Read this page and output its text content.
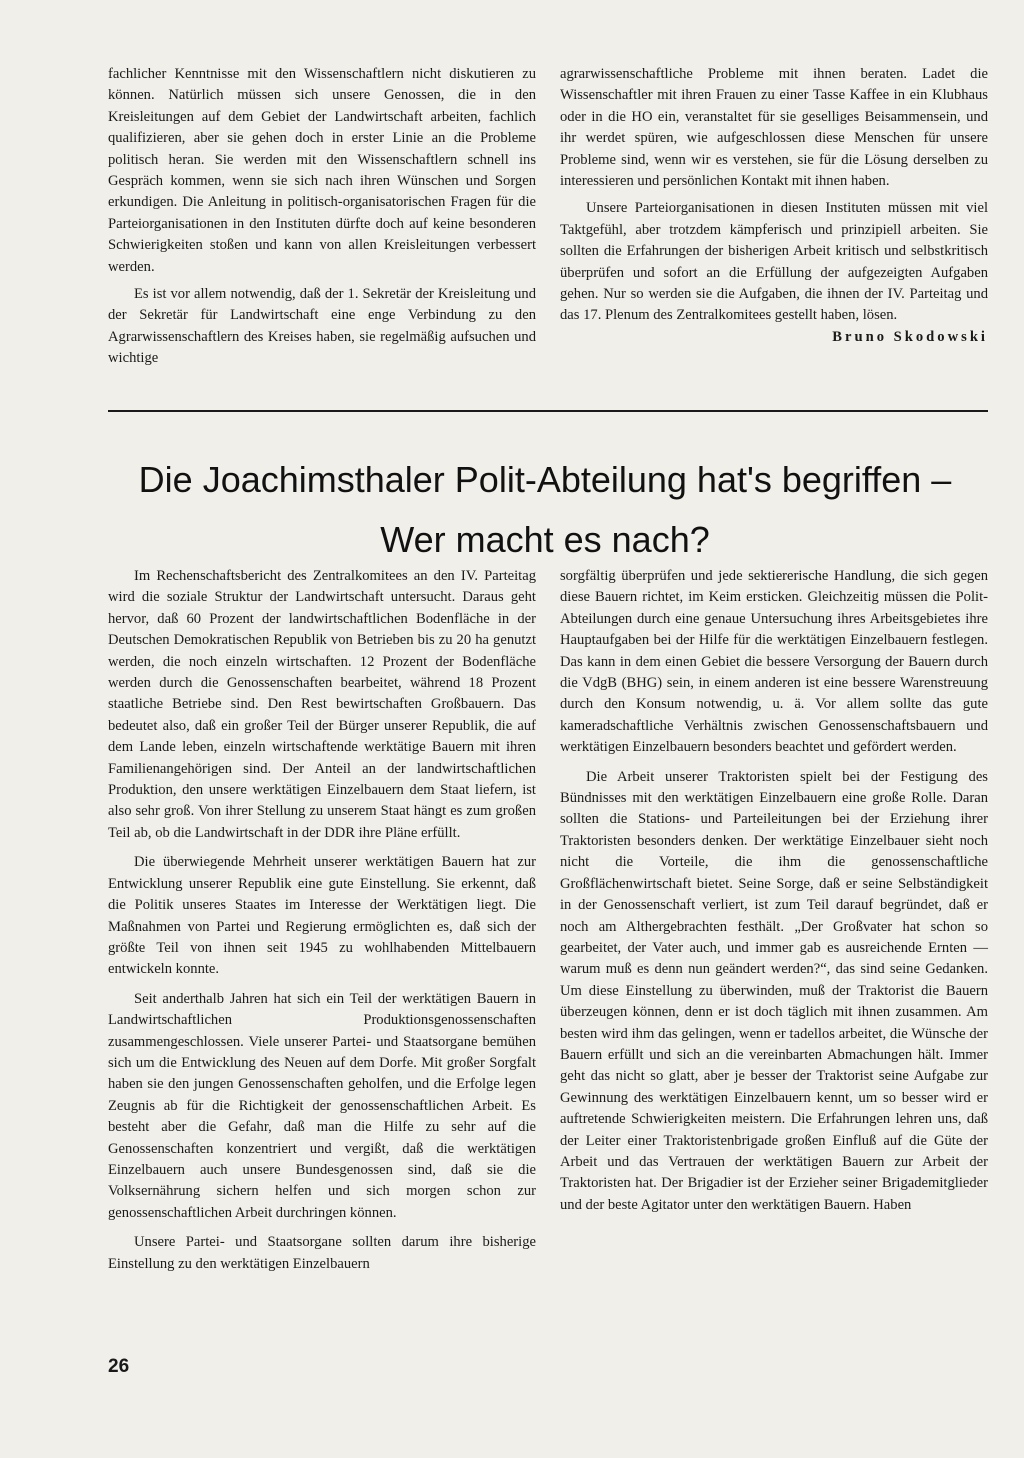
fachlicher Kenntnisse mit den Wissenschaftlern nicht diskutieren zu können. Natürlich müssen sich unsere Genossen, die in den Kreisleitungen auf dem Gebiet der Landwirtschaft arbeiten, fachlich qualifizieren, aber sie gehen doch in erster Linie an die Probleme politisch heran. Sie werden mit den Wissenschaftlern schnell ins Gespräch kommen, wenn sie sich nach ihren Wünschen und Sorgen erkundigen. Die Anleitung in politisch-organisatorischen Fragen für die Parteiorganisationen in den Instituten dürfte doch auf keine besonderen Schwierigkeiten stoßen und kann von allen Kreisleitungen verbessert werden.

Es ist vor allem notwendig, daß der 1. Sekretär der Kreisleitung und der Sekretär für Landwirtschaft eine enge Verbindung zu den Agrarwissenschaftlern des Kreises haben, sie regelmäßig aufsuchen und wichtige

agrarwissenschaftliche Probleme mit ihnen beraten. Ladet die Wissenschaftler mit ihren Frauen zu einer Tasse Kaffee in ein Klubhaus oder in die HO ein, veranstaltet für sie geselliges Beisammensein, und ihr werdet spüren, wie aufgeschlossen diese Menschen für unsere Probleme sind, wenn wir es verstehen, sie für die Lösung derselben zu interessieren und persönlichen Kontakt mit ihnen haben.

Unsere Parteiorganisationen in diesen Instituten müssen mit viel Taktgefühl, aber trotzdem kämpferisch und prinzipiell arbeiten. Sie sollten die Erfahrungen der bisherigen Arbeit kritisch und selbstkritisch überprüfen und sofort an die Erfüllung der aufgezeigten Aufgaben gehen. Nur so werden sie die Aufgaben, die ihnen der IV. Parteitag und das 17. Plenum des Zentralkomitees gestellt haben, lösen.

Bruno Skodowski
Die Joachimsthaler Polit-Abteilung hat's begriffen –
Wer macht es nach?

Im Rechenschaftsbericht des Zentralkomitees an den IV. Parteitag wird die soziale Struktur der Landwirtschaft untersucht. Daraus geht hervor, daß 60 Prozent der landwirtschaftlichen Bodenfläche in der Deutschen Demokratischen Republik von Betrieben bis zu 20 ha genutzt werden, die noch einzeln wirtschaften. 12 Prozent der Bodenfläche werden durch die Genossenschaften bearbeitet, während 18 Prozent staatliche Betriebe sind. Den Rest bewirtschaften Großbauern. Das bedeutet also, daß ein großer Teil der Bürger unserer Republik, die auf dem Lande leben, einzeln wirtschaftende werktätige Bauern mit ihren Familienangehörigen sind. Der Anteil an der landwirtschaftlichen Produktion, den unsere werktätigen Einzelbauern dem Staat liefern, ist also sehr groß. Von ihrer Stellung zu unserem Staat hängt es zum großen Teil ab, ob die Landwirtschaft in der DDR ihre Pläne erfüllt.

Die überwiegende Mehrheit unserer werktätigen Bauern hat zur Entwicklung unserer Republik eine gute Einstellung. Sie erkennt, daß die Politik unseres Staates im Interesse der Werktätigen liegt. Die Maßnahmen von Partei und Regierung ermöglichten es, daß sich der größte Teil von ihnen seit 1945 zu wohlhabenden Mittelbauern entwickeln konnte.

Seit anderthalb Jahren hat sich ein Teil der werktätigen Bauern in Landwirtschaftlichen Produktionsgenossenschaften zusammengeschlossen. Viele unserer Partei- und Staatsorgane bemühen sich um die Entwicklung des Neuen auf dem Dorfe. Mit großer Sorgfalt haben sie den jungen Genossenschaften geholfen, und die Erfolge legen Zeugnis ab für die Richtigkeit der genossenschaftlichen Arbeit. Es besteht aber die Gefahr, daß man die Hilfe zu sehr auf die Genossenschaften konzentriert und vergißt, daß die werktätigen Einzelbauern auch unsere Bundesgenossen sind, daß sie die Volksernährung sichern helfen und sich morgen schon zur genossenschaftlichen Arbeit durchringen können.

Unsere Partei- und Staatsorgane sollten darum ihre bisherige Einstellung zu den werktätigen Einzelbauern

sorgfältig überprüfen und jede sektiererische Handlung, die sich gegen diese Bauern richtet, im Keim ersticken. Gleichzeitig müssen die Polit-Abteilungen durch eine genaue Untersuchung ihres Arbeitsgebietes ihre Hauptaufgaben bei der Hilfe für die werktätigen Einzelbauern festlegen. Das kann in dem einen Gebiet die bessere Versorgung der Bauern durch die VdgB (BHG) sein, in einem anderen ist eine bessere Warenstreuung durch den Konsum notwendig, u. ä. Vor allem sollte das gute kameradschaftliche Verhältnis zwischen Genossenschaftsbauern und werktätigen Einzelbauern besonders beachtet und gefördert werden.

Die Arbeit unserer Traktoristen spielt bei der Festigung des Bündnisses mit den werktätigen Einzelbauern eine große Rolle. Daran sollten die Stations- und Parteileitungen bei der Erziehung ihrer Traktoristen besonders denken. Der werktätige Einzelbauer sieht noch nicht die Vorteile, die ihm die genossenschaftliche Großflächenwirtschaft bietet. Seine Sorge, daß er seine Selbständigkeit in der Genossenschaft verliert, ist zum Teil darauf begründet, daß er noch am Althergebrachten festhält. „Der Großvater hat schon so gearbeitet, der Vater auch, und immer gab es ausreichende Ernten — warum muß es denn nun geändert werden?“, das sind seine Gedanken. Um diese Einstellung zu überwinden, muß der Traktorist die Bauern überzeugen können, denn er ist doch täglich mit ihnen zusammen. Am besten wird ihm das gelingen, wenn er tadellos arbeitet, die Wünsche der Bauern erfüllt und sich an die vereinbarten Abmachungen hält. Immer geht das nicht so glatt, aber je besser der Traktorist seine Aufgabe zur Gewinnung des werktätigen Einzelbauern kennt, um so besser wird er auftretende Schwierigkeiten meistern. Die Erfahrungen lehren uns, daß der Leiter einer Traktoristenbrigade großen Einfluß auf die Güte der Arbeit und das Vertrauen der werktätigen Bauern zur Arbeit der Traktoristen hat. Der Brigadier ist der Erzieher seiner Brigademitglieder und der beste Agitator unter den werktätigen Bauern. Haben

26
